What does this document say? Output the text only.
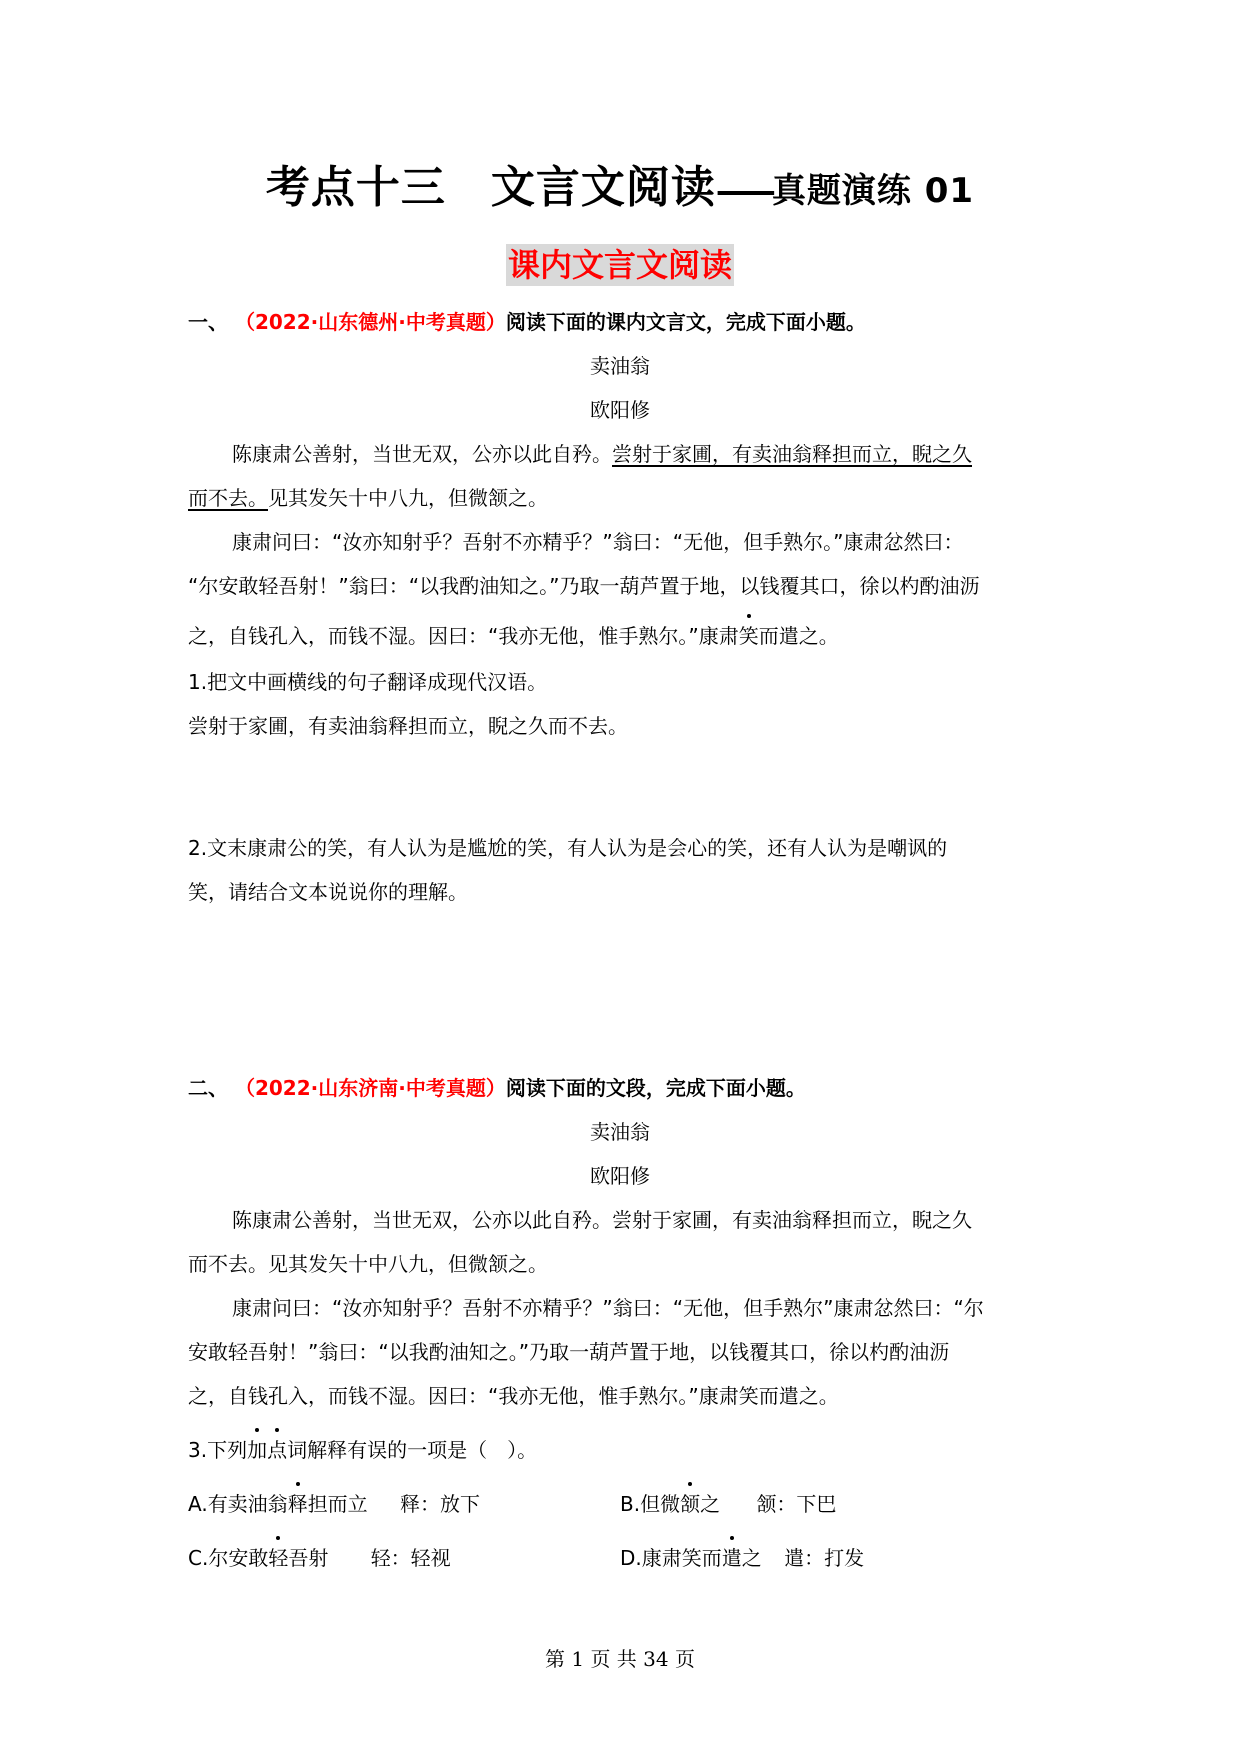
考点十三　文言文阅读——真题演练 01
课内文言文阅读
一、 （2022·山东德州·中考真题）阅读下面的课内文言文，完成下面小题。
卖油翁
欧阳修
陈康肃公善射，当世无双，公亦以此自矜。尝射于家圃，有卖油翁释担而立，睨之久
而不去。见其发矢十中八九，但微颔之。
康肃问曰：“汝亦知射乎？吾射不亦精乎？”翁曰：“无他，但手熟尔。”康肃忿然曰：
“尔安敢轻吾射！”翁曰：“以我酌油知之。”乃取一葫芦置于地，以钱覆其口，徐以杓酌油沥
之，自钱孔入，而钱不湿。因曰：“我亦无他，惟手熟尔。”康肃笑而遣之。
1.把文中画横线的句子翻译成现代汉语。
尝射于家圃，有卖油翁释担而立，睨之久而不去。
2.文末康肃公的笑，有人认为是尴尬的笑，有人认为是会心的笑，还有人认为是嘲讽的
笑，请结合文本说说你的理解。
二、 （2022·山东济南·中考真题）阅读下面的文段，完成下面小题。
卖油翁
欧阳修
陈康肃公善射，当世无双，公亦以此自矜。尝射于家圃，有卖油翁释担而立，睨之久
而不去。见其发矢十中八九，但微颔之。
康肃问曰：“汝亦知射乎？吾射不亦精乎？”翁曰：“无他，但手熟尔”康肃忿然曰：“尔
安敢轻吾射！”翁曰：“以我酌油知之。”乃取一葫芦置于地，以钱覆其口，徐以杓酌油沥
之，自钱孔入，而钱不湿。因曰：“我亦无他，惟手熟尔。”康肃笑而遣之。
3.下列加点词解释有误的一项是（　）。
A.有卖油翁释担而立 释：放下	B.但微颔之 颔：下巴
C.尔安敢轻吾射 轻：轻视	D.康肃笑而遣之 遣：打发
第 1 页 共 34 页
